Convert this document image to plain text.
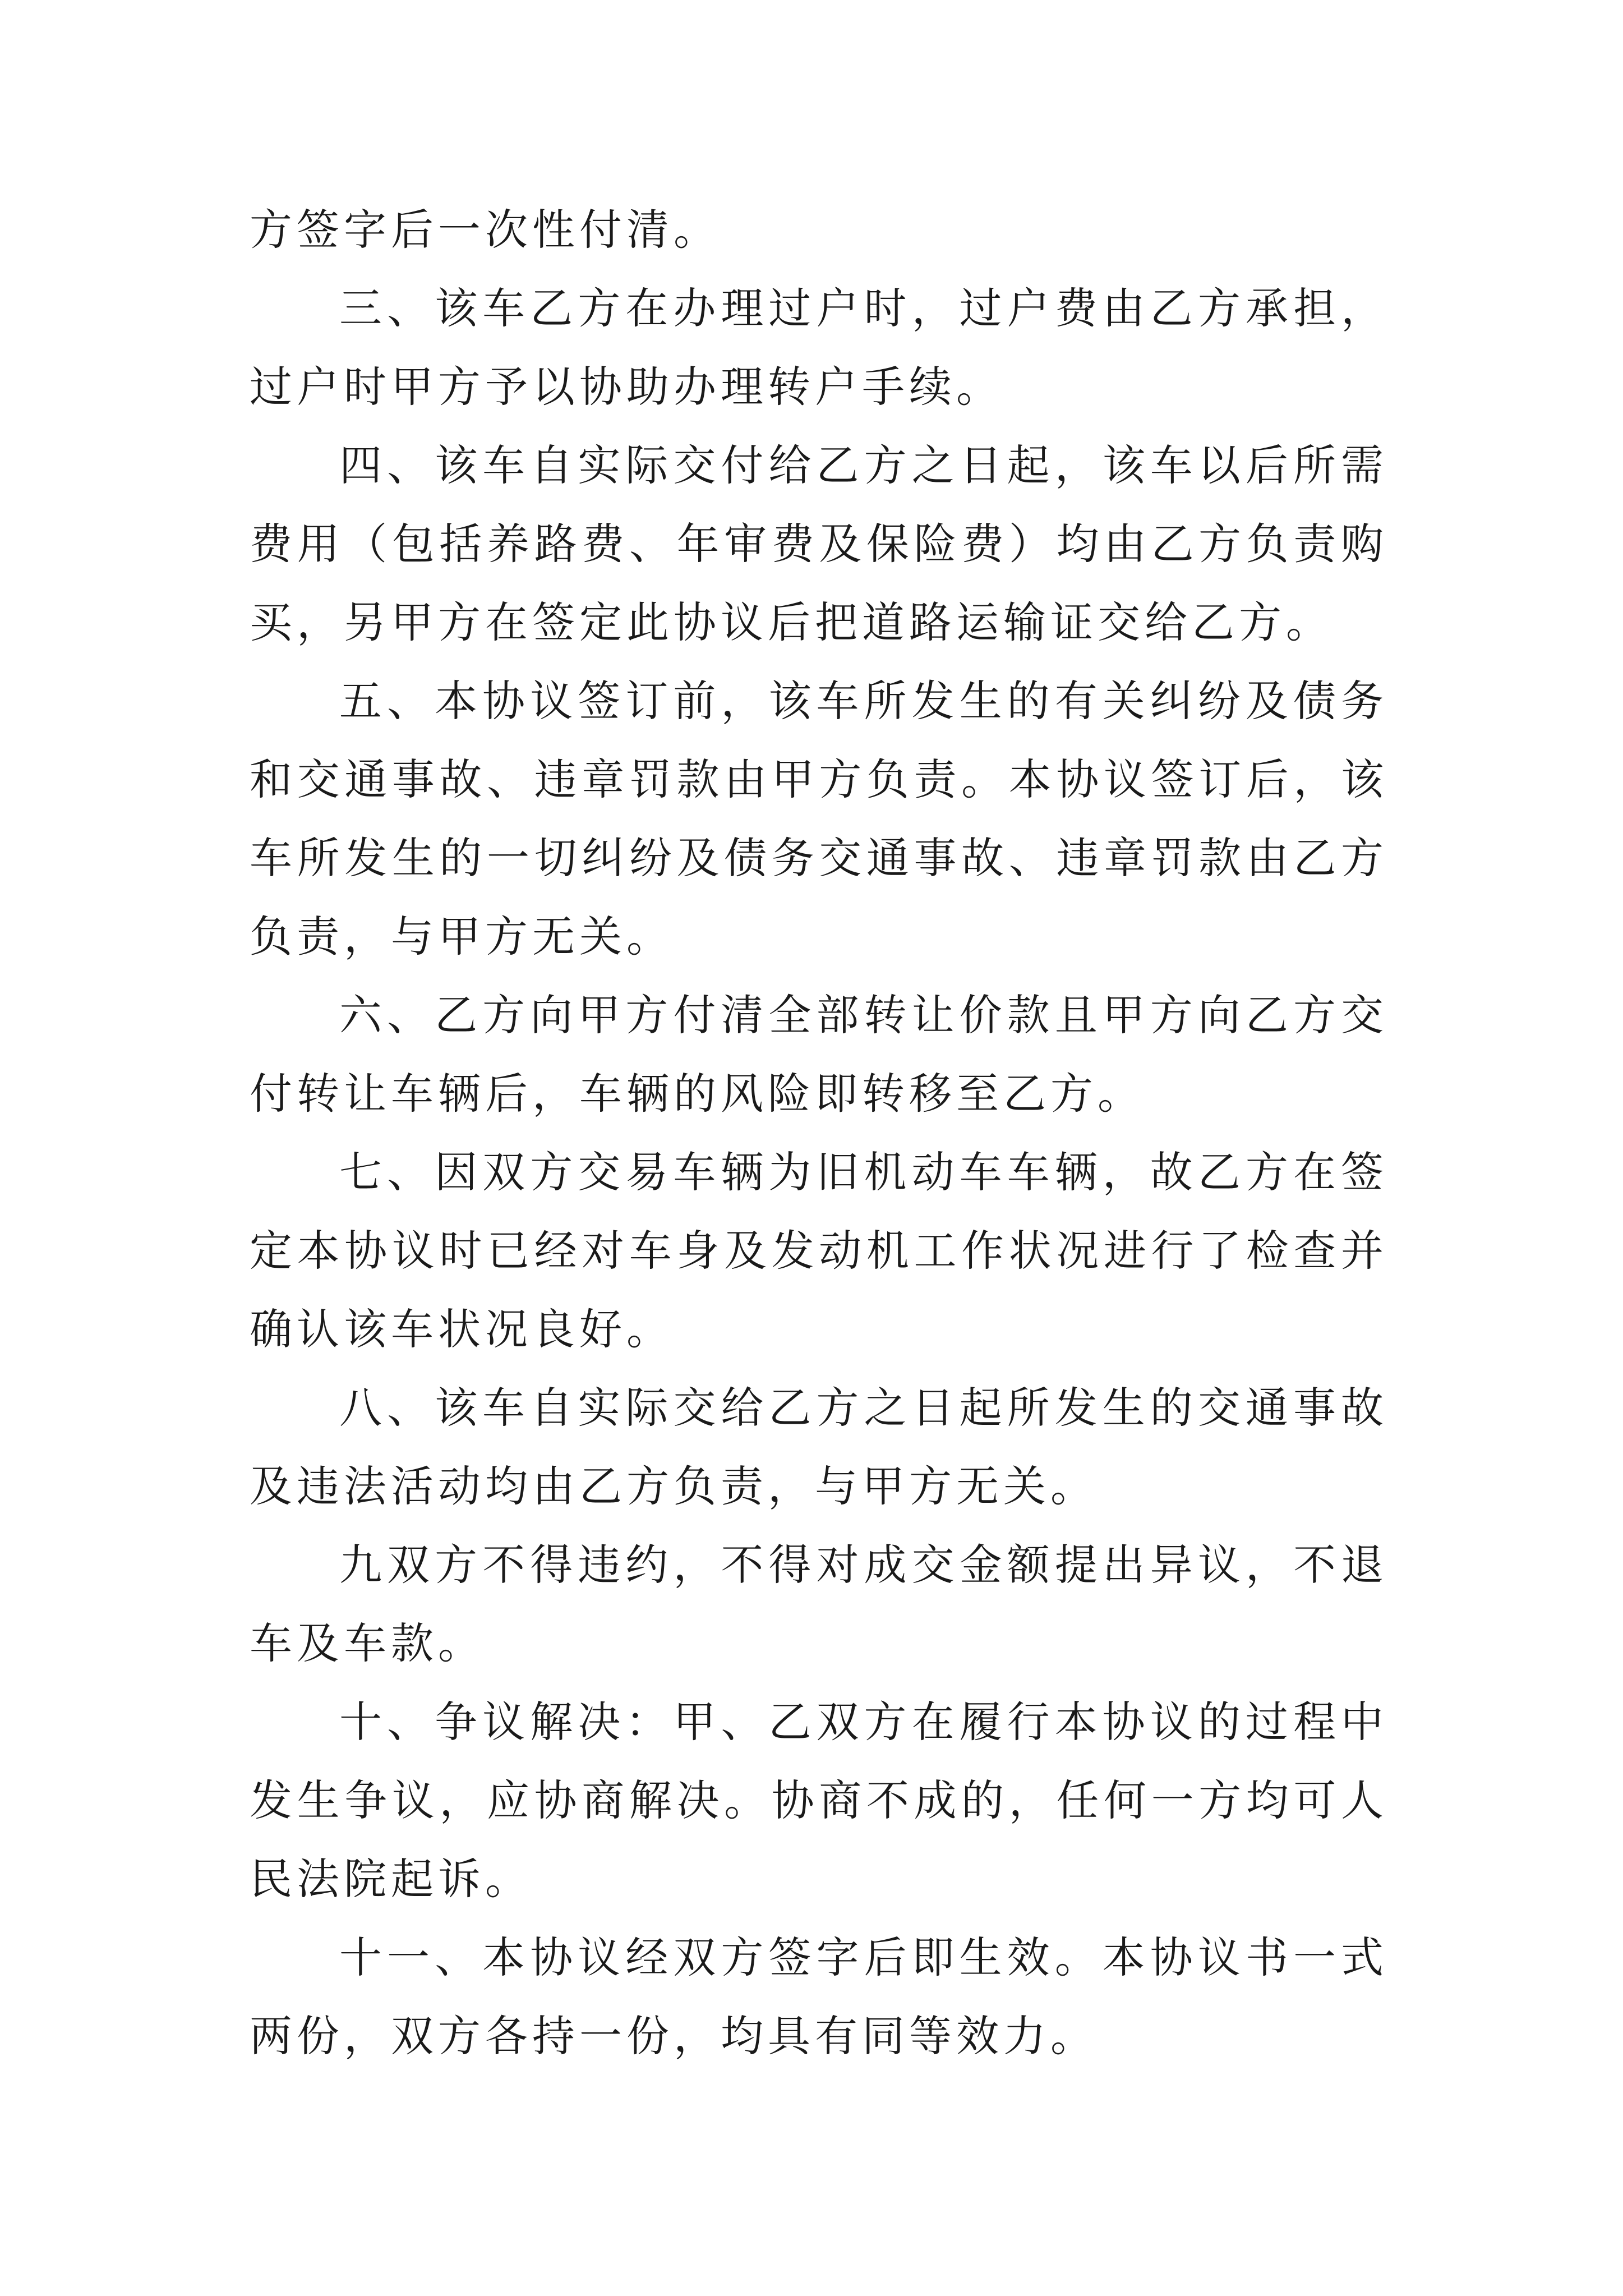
方签字后一次性付清。

三、该车乙方在办理过户时，过户费由乙方承担，过户时甲方予以协助办理转户手续。

四、该车自实际交付给乙方之日起，该车以后所需费用（包括养路费、年审费及保险费）均由乙方负责购买，另甲方在签定此协议后把道路运输证交给乙方。

五、本协议签订前，该车所发生的有关纠纷及债务和交通事故、违章罚款由甲方负责。本协议签订后，该车所发生的一切纠纷及债务交通事故、违章罚款由乙方负责，与甲方无关。

六、乙方向甲方付清全部转让价款且甲方向乙方交付转让车辆后，车辆的风险即转移至乙方。

七、因双方交易车辆为旧机动车车辆，故乙方在签定本协议时已经对车身及发动机工作状况进行了检查并确认该车状况良好。

八、该车自实际交给乙方之日起所发生的交通事故及违法活动均由乙方负责，与甲方无关。

九双方不得违约，不得对成交金额提出异议，不退车及车款。

十、争议解决：甲、乙双方在履行本协议的过程中发生争议，应协商解决。协商不成的，任何一方均可人民法院起诉。

十一、本协议经双方签字后即生效。本协议书一式两份，双方各持一份，均具有同等效力。
